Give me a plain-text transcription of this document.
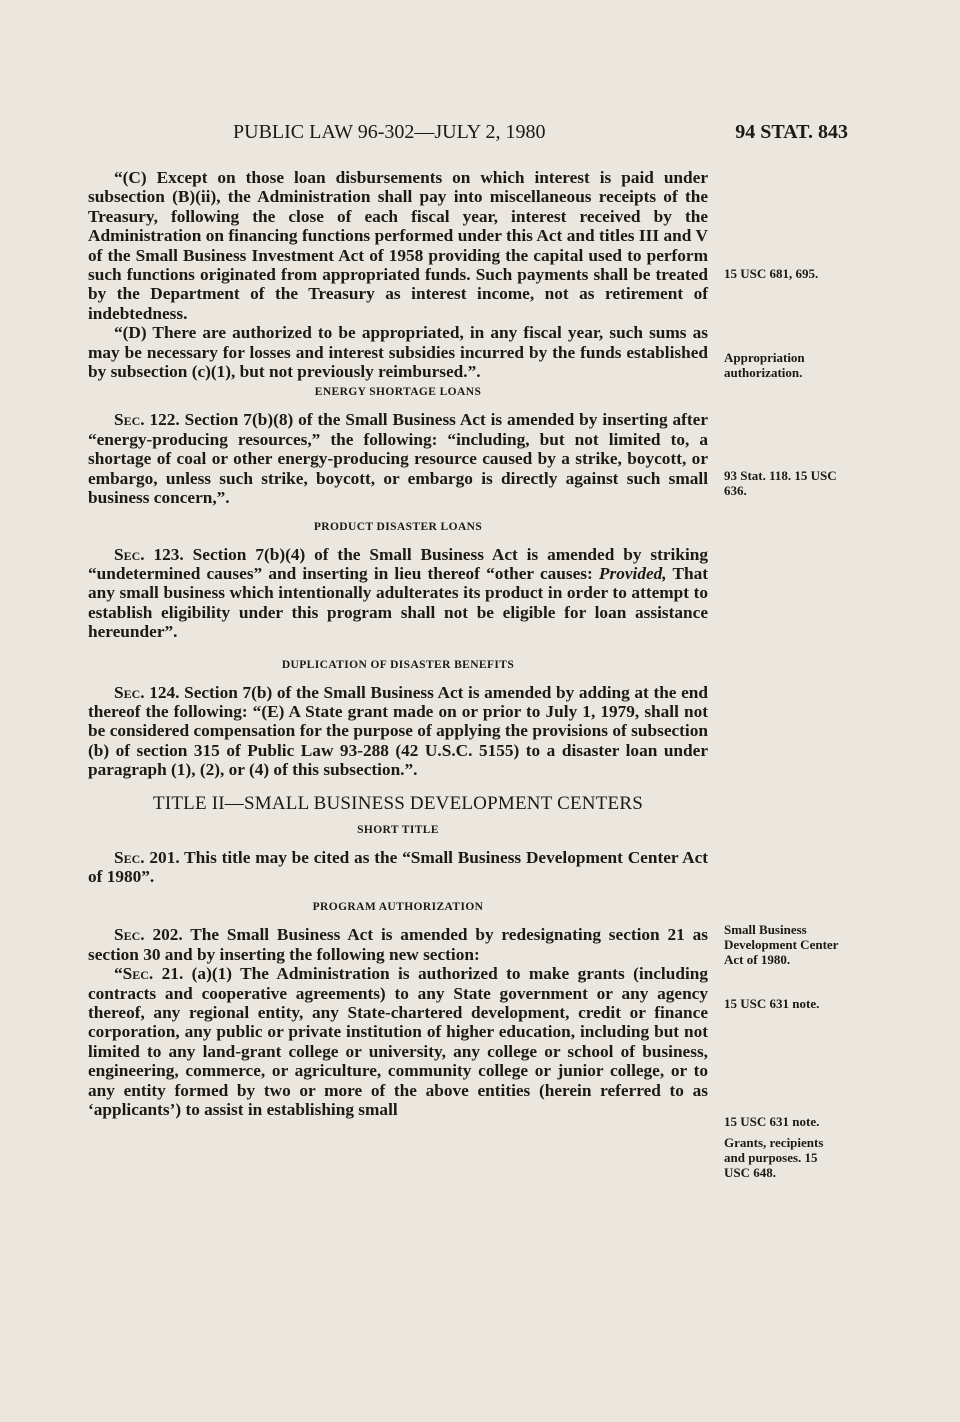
PUBLIC LAW 96-302—JULY 2, 1980	94 STAT. 843

“(C) Except on those loan disbursements on which interest is paid under subsection (B)(ii), the Administration shall pay into miscellaneous receipts of the Treasury, following the close of each fiscal year, interest received by the Administration on financing functions performed under this Act and titles III and V of the Small Business Investment Act of 1958 providing the capital used to perform such functions originated from appropriated funds. Such payments shall be treated by the Department of the Treasury as interest income, not as retirement of indebtedness.

“(D) There are authorized to be appropriated, in any fiscal year, such sums as may be necessary for losses and interest subsidies incurred by the funds established by subsection (c)(1), but not previously reimbursed.”.

ENERGY SHORTAGE LOANS

Sec. 122. Section 7(b)(8) of the Small Business Act is amended by inserting after “energy-producing resources,” the following: “including, but not limited to, a shortage of coal or other energy-producing resource caused by a strike, boycott, or embargo, unless such strike, boycott, or embargo is directly against such small business concern,”.

PRODUCT DISASTER LOANS

Sec. 123. Section 7(b)(4) of the Small Business Act is amended by striking “undetermined causes” and inserting in lieu thereof “other causes: Provided, That any small business which intentionally adulterates its product in order to attempt to establish eligibility under this program shall not be eligible for loan assistance hereunder”.

DUPLICATION OF DISASTER BENEFITS

Sec. 124. Section 7(b) of the Small Business Act is amended by adding at the end thereof the following: “(E) A State grant made on or prior to July 1, 1979, shall not be considered compensation for the purpose of applying the provisions of subsection (b) of section 315 of Public Law 93-288 (42 U.S.C. 5155) to a disaster loan under paragraph (1), (2), or (4) of this subsection.”.

TITLE II—SMALL BUSINESS DEVELOPMENT CENTERS

SHORT TITLE

Sec. 201. This title may be cited as the “Small Business Development Center Act of 1980”.

PROGRAM AUTHORIZATION

Sec. 202. The Small Business Act is amended by redesignating section 21 as section 30 and by inserting the following new section:

“Sec. 21. (a)(1) The Administration is authorized to make grants (including contracts and cooperative agreements) to any State government or any agency thereof, any regional entity, any State-chartered development, credit or finance corporation, any public or private institution of higher education, including but not limited to any land-grant college or university, any college or school of business, engineering, commerce, or agriculture, community college or junior college, or to any entity formed by two or more of the above entities (herein referred to as ‘applicants’) to assist in establishing small

15 USC 681, 695.
Appropriation authorization.
93 Stat. 118. 15 USC 636.
Small Business Development Center Act of 1980.
15 USC 631 note.
15 USC 631 note.
Grants, recipients and purposes. 15 USC 648.
